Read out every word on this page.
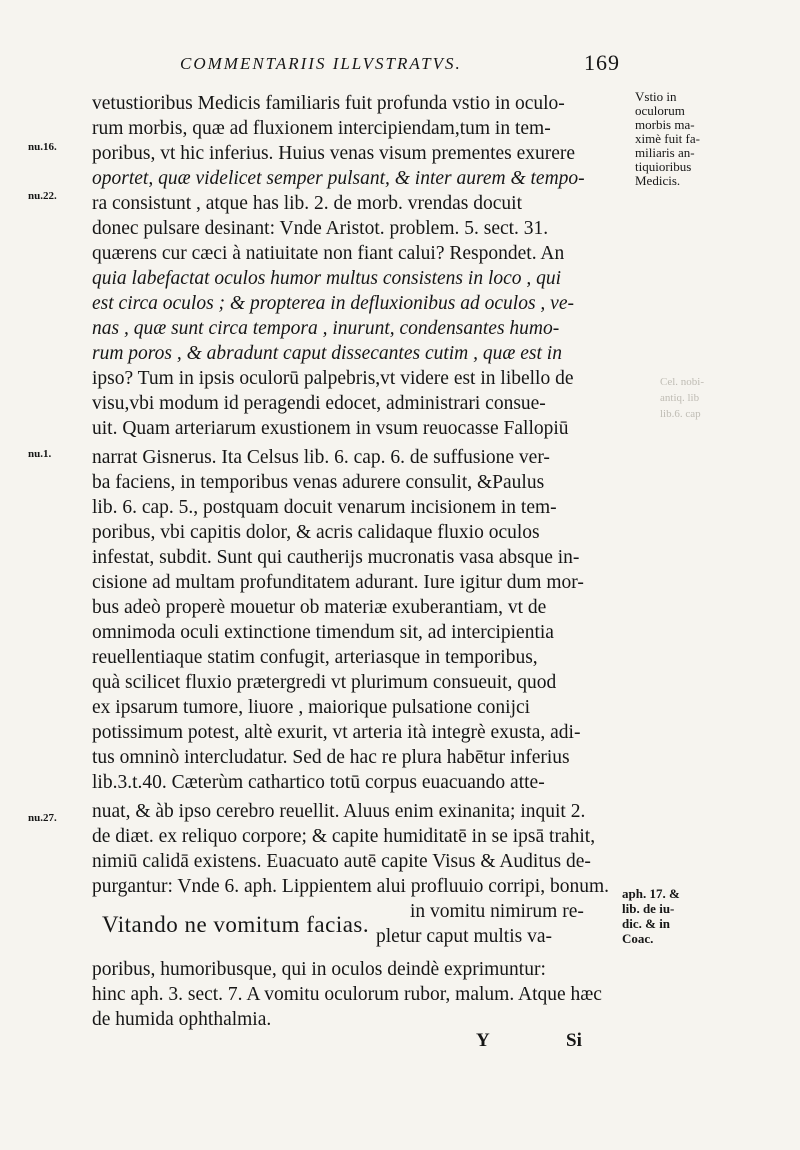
COMMENTARIIS ILLVSTRATVS.	169
nu.16.
nu.22.
nu.1.
nu.27.
Vstio in
oculorum
morbis ma-
ximè fuit fa-
miliaris an-
tiquioribus
Medicis.
aph. 17. &
lib. de iu-
dic. & in
Coac.
Cel. nobi-
antiq. lib
lib.6. cap
vetustioribus Medicis familiaris fuit profunda vstio in oculo-
rum morbis, quæ ad fluxionem intercipiendam,tum in tem-
poribus, vt hic inferius. Huius venas visum prementes exurere
oportet, quæ videlicet semper pulsant, & inter aurem & tempo-
ra consistunt , atque has lib. 2. de morb. vrendas docuit
donec pulsare desinant: Vnde Aristot. problem. 5. sect. 31.
quærens cur cæci à natiuitate non fiant calui? Respondet. An
quia labefactat oculos humor multus consistens in loco , qui
est circa oculos ; & propterea in defluxionibus ad oculos , ve-
nas , quæ sunt circa tempora , inurunt, condensantes humo-
rum poros , & abradunt caput dissecantes cutim , quæ est in
ipso? Tum in ipsis oculorū palpebris,vt videre est in libello de
visu,vbi modum id peragendi edocet, administrari consue-
uit. Quam arteriarum exustionem in vsum reuocasse Fallopiū
narrat Gisnerus. Ita Celsus lib. 6. cap. 6. de suffusione ver-
ba faciens, in temporibus venas adurere consulit, &Paulus
lib. 6. cap. 5., postquam docuit venarum incisionem in tem-
poribus, vbi capitis dolor, & acris calidaque fluxio oculos
infestat, subdit. Sunt qui cautherijs mucronatis vasa absque in-
cisione ad multam profunditatem adurant. Iure igitur dum mor-
bus adeò properè mouetur ob materiæ exuberantiam, vt de
omnimoda oculi extinctione timendum sit, ad intercipientia
reuellentiaque statim confugit, arteriasque in temporibus,
quà scilicet fluxio prætergredi vt plurimum consueuit, quod
ex ipsarum tumore, liuore , maiorique pulsatione conijci
potissimum potest, altè exurit, vt arteria ità integrè exusta, adi-
tus omninò intercludatur. Sed de hac re plura habētur inferius
lib.3.t.40. Cæterùm cathartico totū corpus euacuando atte-
nuat, & àb ipso cerebro reuellit. Aluus enim exinanita; inquit 2.
de diæt. ex reliquo corpore; & capite humiditatē in se ipsā trahit,
nimiū calidā existens. Euacuato autē capite Visus & Auditus de-
purgantur: Vnde 6. aph. Lippientem alui profluuio corripi, bonum.
Vitando ne vomitum facias.
in vomitu nimirum re-
pletur caput multis va-
poribus, humoribusque, qui in oculos deindè exprimuntur:
hinc aph. 3. sect. 7. A vomitu oculorum rubor, malum. Atque hæc
de humida ophthalmia.
Y	Si
